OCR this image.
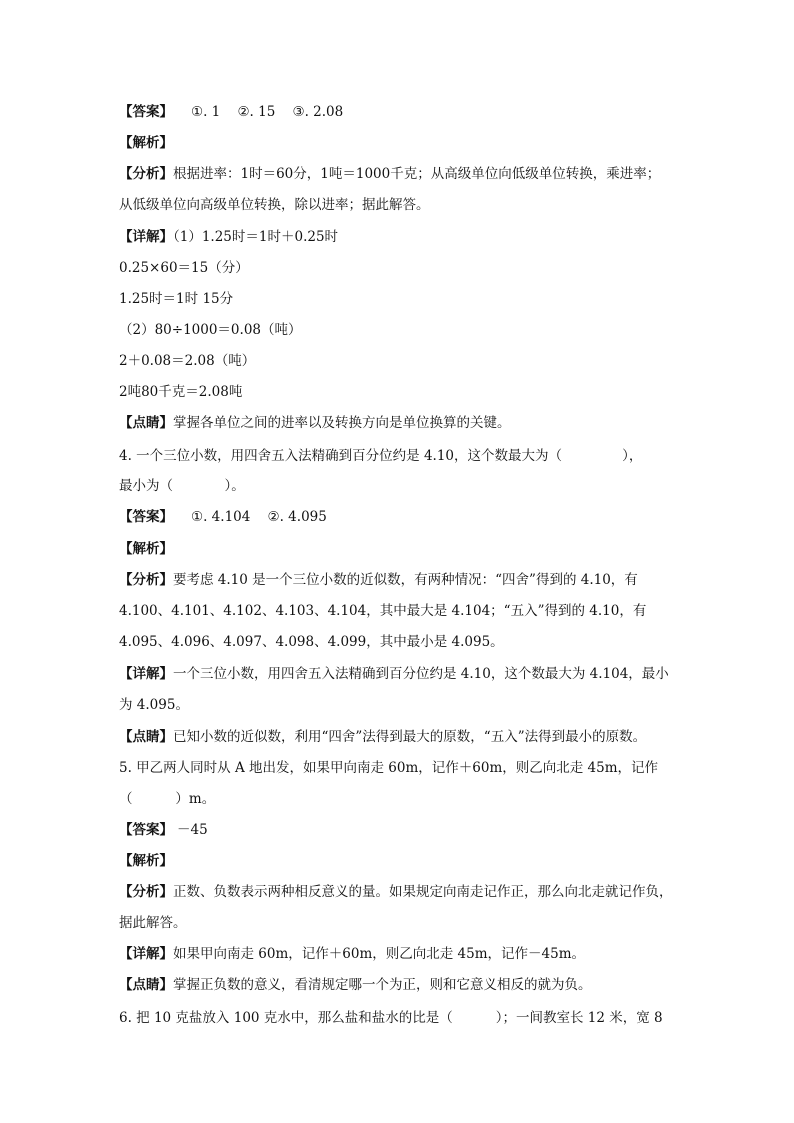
【答案】 ①. 1    ②. 15    ③. 2.08
【解析】
【分析】根据进率：1时＝60分，1吨＝1000千克；从高级单位向低级单位转换，乘进率；
从低级单位向高级单位转换，除以进率；据此解答。
【详解】（1）1.25时＝1时＋0.25时
0.25×60＝15（分）
1.25时＝1时 15分
（2）80÷1000＝0.08（吨）
2＋0.08＝2.08（吨）
2吨80千克＝2.08吨
【点睛】掌握各单位之间的进率以及转换方向是单位换算的关键。
4. 一个三位小数，用四舍五入法精确到百分位约是 4.10，这个数最大为（              ），
最小为（            ）。
【答案】 ①. 4.104    ②. 4.095
【解析】
【分析】要考虑 4.10 是一个三位小数的近似数，有两种情况：“四舍”得到的 4.10，有
4.100、4.101、4.102、4.103、4.104，其中最大是 4.104；“五入”得到的 4.10，有
4.095、4.096、4.097、4.098、4.099，其中最小是 4.095。
【详解】一个三位小数，用四舍五入法精确到百分位约是 4.10，这个数最大为 4.104，最小
为 4.095。
【点睛】已知小数的近似数，利用“四舍”法得到最大的原数，“五入”法得到最小的原数。
5. 甲乙两人同时从 A 地出发，如果甲向南走 60m，记作＋60m，则乙向北走 45m，记作
（          ）m。
【答案】 －45
【解析】
【分析】正数、负数表示两种相反意义的量。如果规定向南走记作正，那么向北走就记作负，
据此解答。
【详解】如果甲向南走 60m，记作＋60m，则乙向北走 45m，记作－45m。
【点睛】掌握正负数的意义，看清规定哪一个为正，则和它意义相反的就为负。
6. 把 10 克盐放入 100 克水中，那么盐和盐水的比是（          ）；一间教室长 12 米，宽 8
